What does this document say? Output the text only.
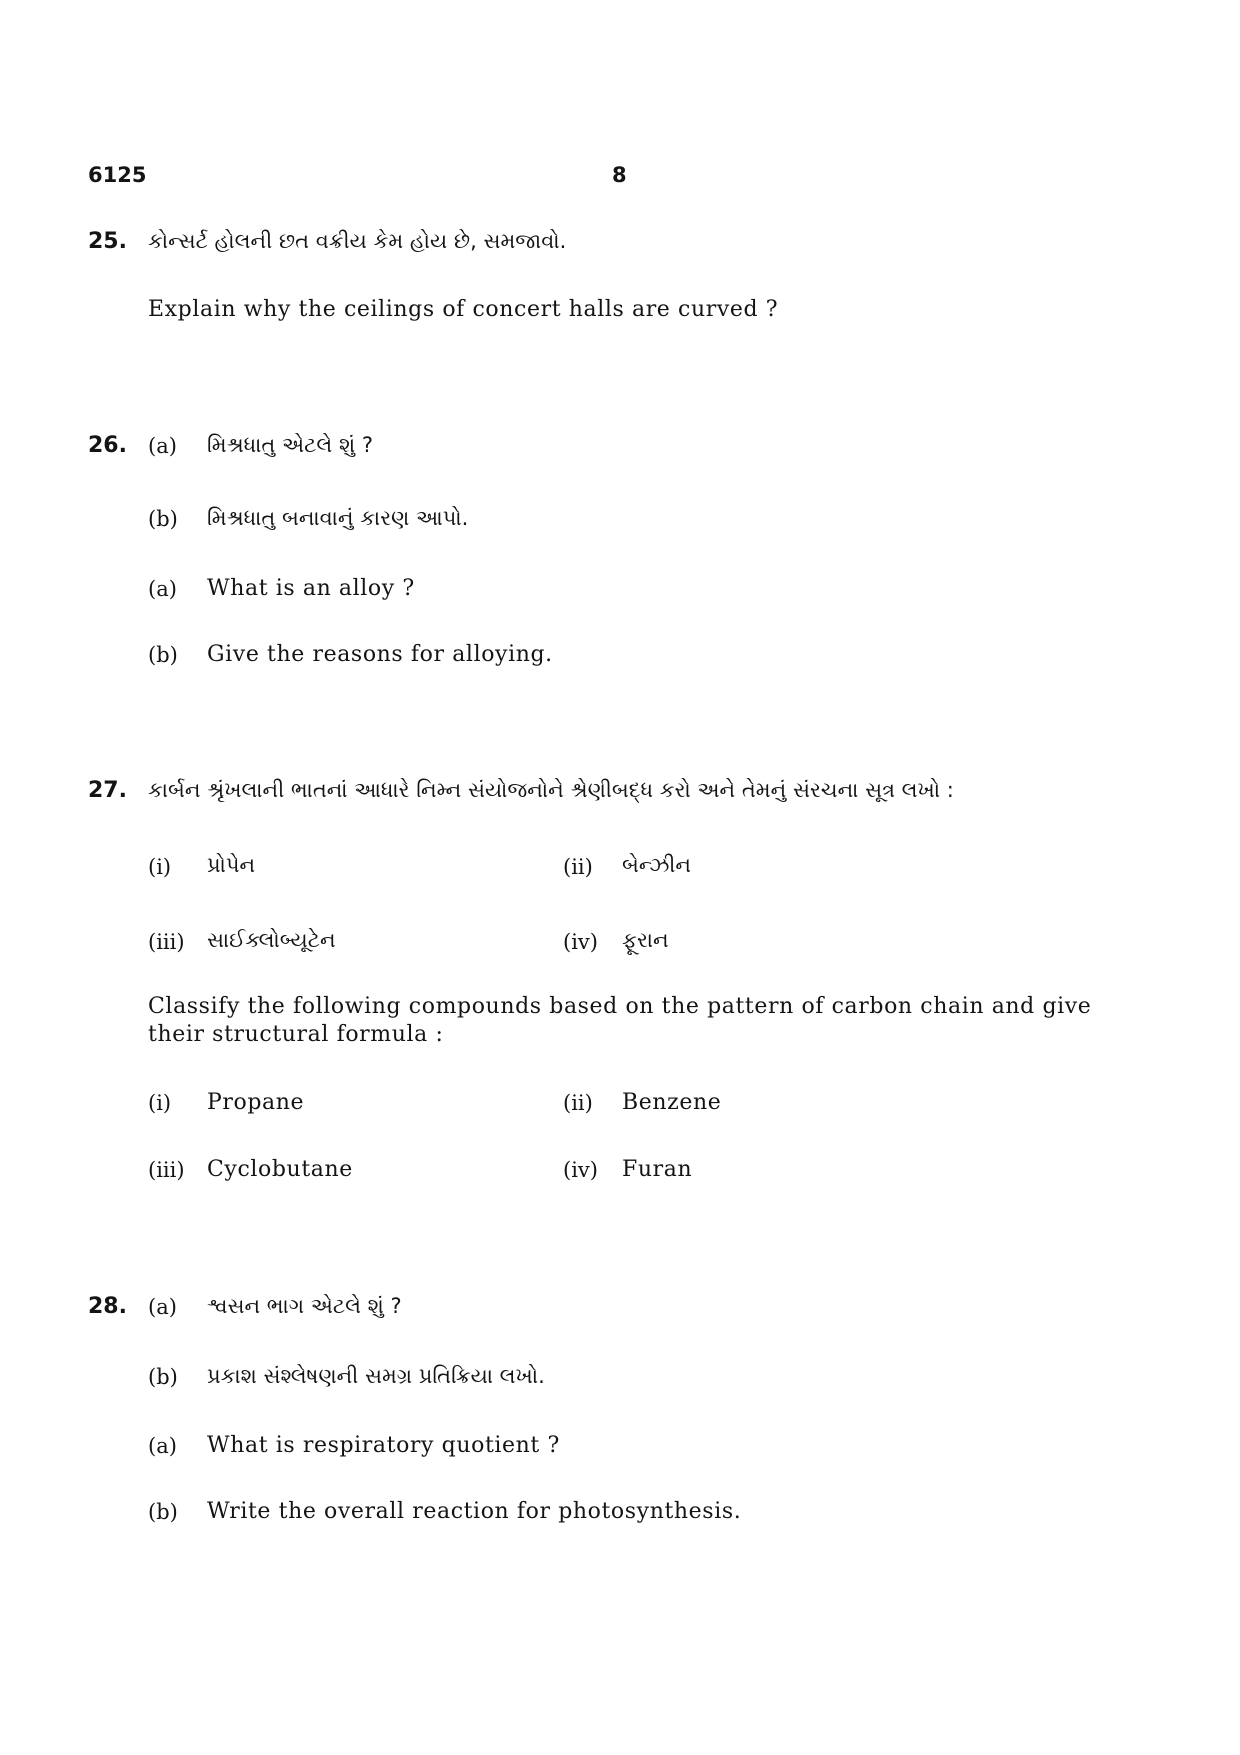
6125	8
25. કોન્સર્ટ હોલની છત વક્રીય કેમ હોય છે, સમજાવો.
Explain why the ceilings of concert halls are curved ?
26. (a) મિશ્રધાતુ એટલે શું ?
(b) મિશ્રધાતુ બનાવાનું કારણ આપો.
(a) What is an alloy ?
(b) Give the reasons for alloying.
27. કાર્બન શ્રૃંખલાની ભાતનાં આધારે નિમ્ન સંયોજનોને શ્રેણીબદ્ધ કરો અને તેમનું સંરચના સૂત્ર લખો :
(i) પ્રોપેન	(ii) બેન્ઝીન
(iii) સાઈક્લોબ્યૂટેન	(iv) ફૂરાન
Classify the following compounds based on the pattern of carbon chain and give their structural formula :
(i) Propane	(ii) Benzene
(iii) Cyclobutane	(iv) Furan
28. (a) શ્વસન ભાગ એટલે શું ?
(b) પ્રકાશ સંશ્લેષણની સમગ્ર પ્રતિક્રિયા લખો.
(a) What is respiratory quotient ?
(b) Write the overall reaction for photosynthesis.
